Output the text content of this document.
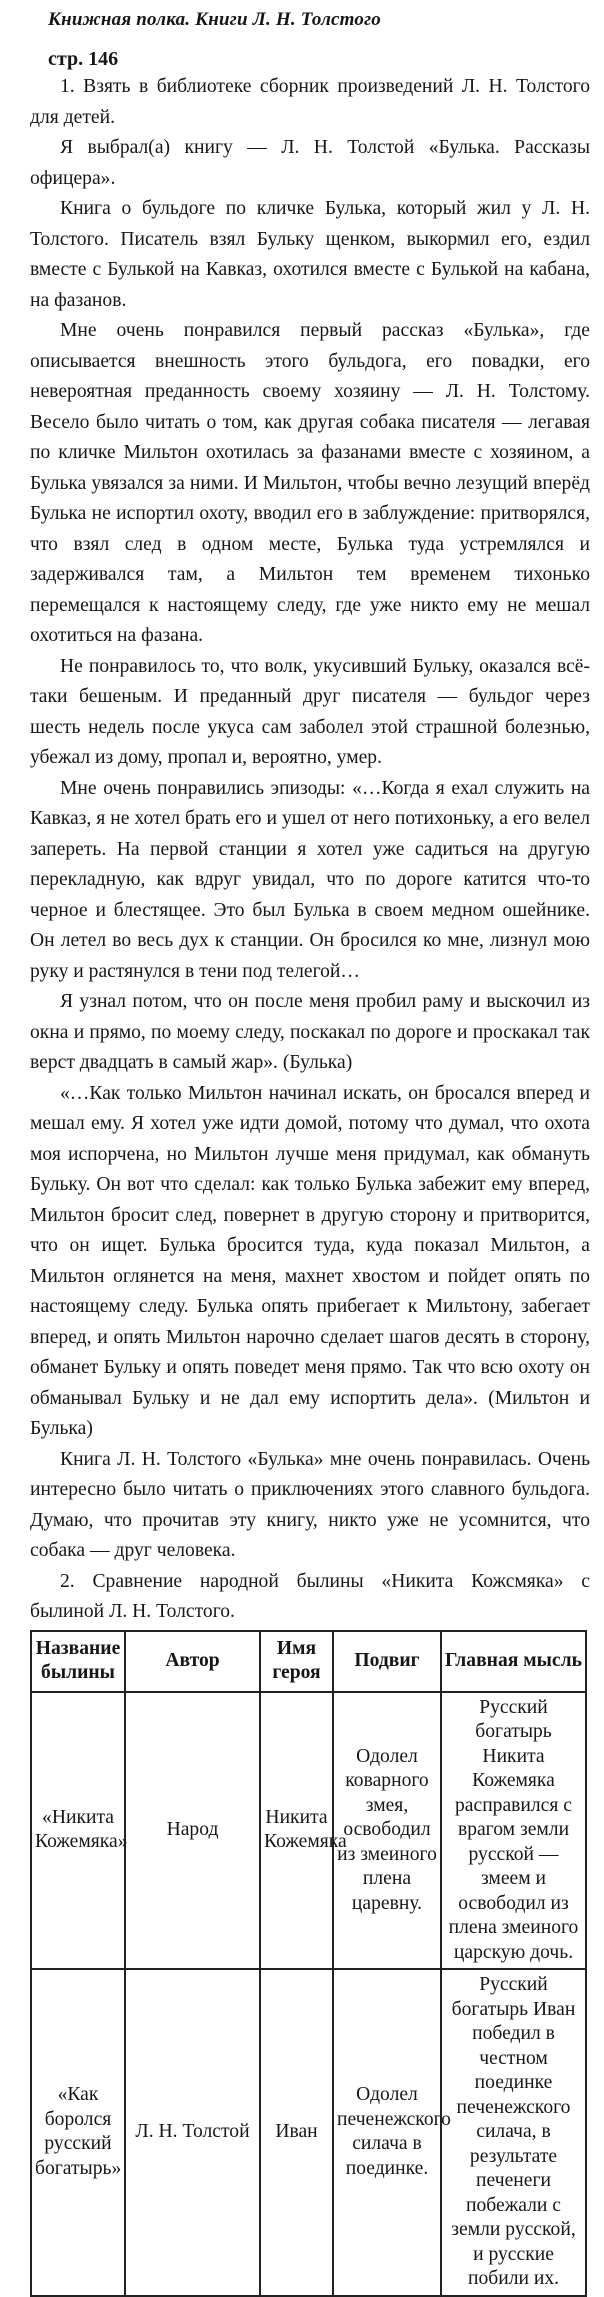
Книжная полка. Книги Л. Н. Толстого
стр. 146

1. Взять в библиотеке сборник произведений Л. Н. Толстого для детей.

Я выбрал(а) книгу — Л. Н. Толстой «Булька. Рассказы офицера».

Книга о бульдоге по кличке Булька, который жил у Л. Н. Толстого. Писатель взял Бульку щенком, выкормил его, ездил вместе с Булькой на Кавказ, охотился вместе с Булькой на кабана, на фазанов.

Мне очень понравился первый рассказ «Булька», где описывается внешность этого бульдога, его повадки, его невероятная преданность своему хозяину — Л. Н. Толстому. Весело было читать о том, как другая собака писателя — легавая по кличке Мильтон охотилась за фазанами вместе с хозяином, а Булька увязался за ними. И Мильтон, чтобы вечно лезущий вперёд Булька не испортил охоту, вводил его в заблуждение: притворялся, что взял след в одном месте, Булька туда устремлялся и задерживался там, а Мильтон тем временем тихонько перемещался к настоящему следу, где уже никто ему не мешал охотиться на фазана.

Не понравилось то, что волк, укусивший Бульку, оказался всё-таки бешеным. И преданный друг писателя — бульдог через шесть недель после укуса сам заболел этой страшной болезнью, убежал из дому, пропал и, вероятно, умер.

Мне очень понравились эпизоды: «…Когда я ехал служить на Кавказ, я не хотел брать его и ушел от него потихоньку, а его велел запереть. На первой станции я хотел уже садиться на другую перекладную, как вдруг увидал, что по дороге катится что-то черное и блестящее. Это был Булька в своем медном ошейнике. Он летел во весь дух к станции. Он бросился ко мне, лизнул мою руку и растянулся в тени под телегой…

Я узнал потом, что он после меня пробил раму и выскочил из окна и прямо, по моему следу, поскакал по дороге и проскакал так верст двадцать в самый жар». (Булька)

«…Как только Мильтон начинал искать, он бросался вперед и мешал ему. Я хотел уже идти домой, потому что думал, что охота моя испорчена, но Мильтон лучше меня придумал, как обмануть Бульку. Он вот что сделал: как только Булька забежит ему вперед, Мильтон бросит след, повернет в другую сторону и притворится, что он ищет. Булька бросится туда, куда показал Мильтон, а Мильтон оглянется на меня, махнет хвостом и пойдет опять по настоящему следу. Булька опять прибегает к Мильтону, забегает вперед, и опять Мильтон нарочно сделает шагов десять в сторону, обманет Бульку и опять поведет меня прямо. Так что всю охоту он обманывал Бульку и не дал ему испортить дела». (Мильтон и Булька)

Книга Л. Н. Толстого «Булька» мне очень понравилась. Очень интересно было читать о приключениях этого славного бульдога. Думаю, что прочитав эту книгу, никто уже не усомнится, что собака — друг человека.

2. Сравнение народной былины «Никита Кожсмяка» с былиной Л. Н. Толстого.

Название былины	Автор	Имя героя	Подвиг	Главная мысль
«Никита Кожемяка»	Народ	Никита Кожемяка	Одолел коварного змея, освободил из змеиного плена царевну.	Русский богатырь Никита Кожемяка расправился с врагом земли русской — змеем и освободил из плена змеиного царскую дочь.
«Как боролся русский богатырь»	Л. Н. Толстой	Иван	Одолел печенежского силача в поединке.	Русский богатырь Иван победил в честном поединке печенежского силача, в результате печенеги побежали с земли русской, и русские побили их.
